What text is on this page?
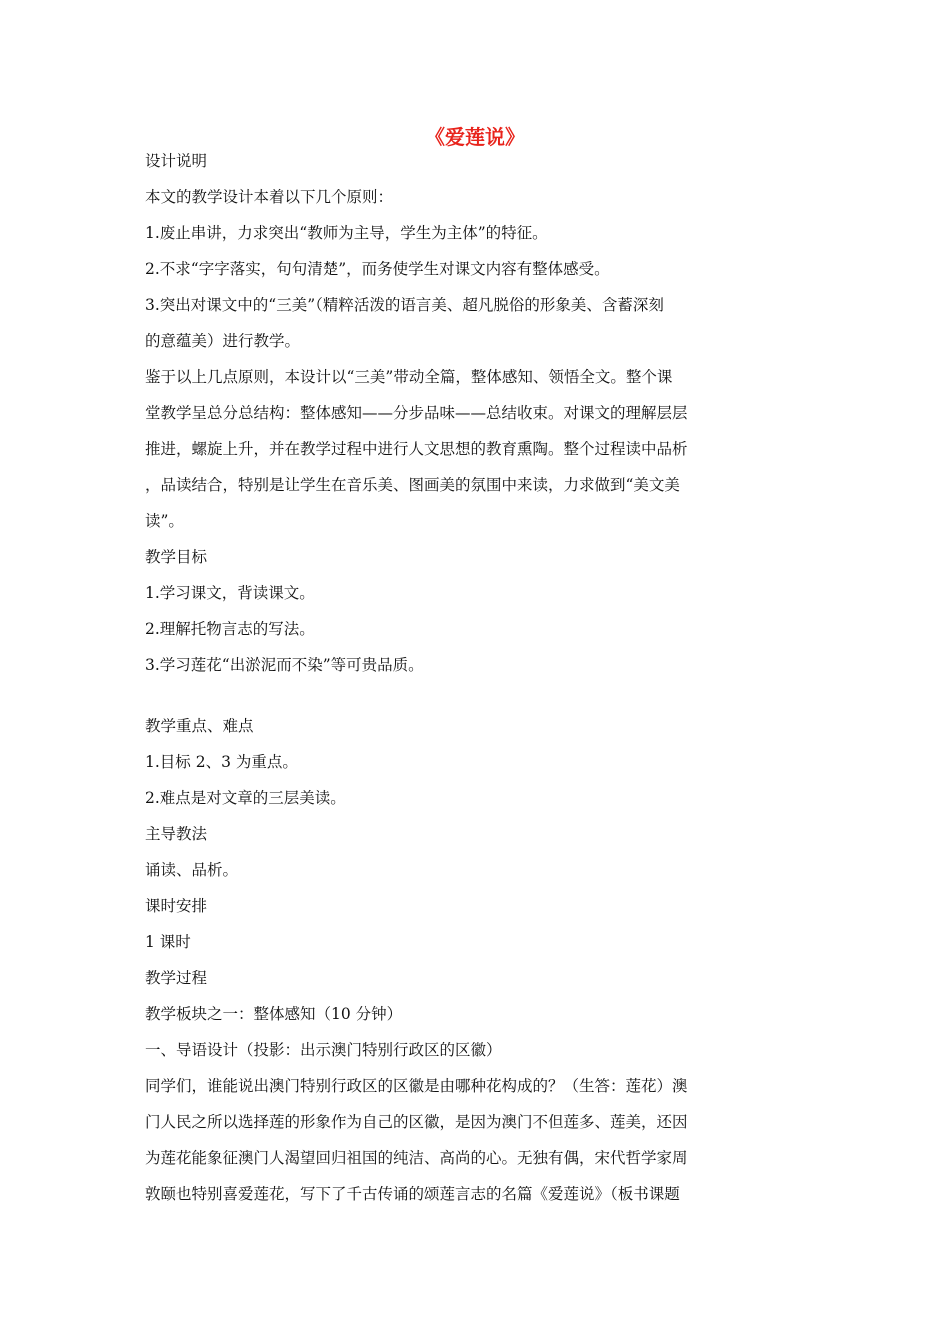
《爱莲说》
设计说明
本文的教学设计本着以下几个原则：
1.废止串讲，力求突出“教师为主导，学生为主体”的特征。
2.不求“字字落实，句句清楚”，而务使学生对课文内容有整体感受。
3.突出对课文中的“三美”（精粹活泼的语言美、超凡脱俗的形象美、含蓄深刻
的意蕴美）进行教学。
鉴于以上几点原则，本设计以“三美”带动全篇，整体感知、领悟全文。整个课
堂教学呈总分总结构：整体感知——分步品味——总结收束。对课文的理解层层
推进，螺旋上升，并在教学过程中进行人文思想的教育熏陶。整个过程读中品析
，品读结合，特别是让学生在音乐美、图画美的氛围中来读，力求做到“美文美
读”。
教学目标
1.学习课文，背读课文。
2.理解托物言志的写法。
3.学习莲花“出淤泥而不染”等可贵品质。
教学重点、难点
1.目标 2、3 为重点。
2.难点是对文章的三层美读。
主导教法
诵读、品析。
课时安排
1 课时
教学过程
教学板块之一：整体感知（10 分钟）
一、导语设计（投影：出示澳门特别行政区的区徽）
同学们，谁能说出澳门特别行政区的区徽是由哪种花构成的？（生答：莲花）澳
门人民之所以选择莲的形象作为自己的区徽，是因为澳门不但莲多、莲美，还因
为莲花能象征澳门人渴望回归祖国的纯洁、高尚的心。无独有偶，宋代哲学家周
敦颐也特别喜爱莲花，写下了千古传诵的颂莲言志的名篇《爱莲说》（板书课题
